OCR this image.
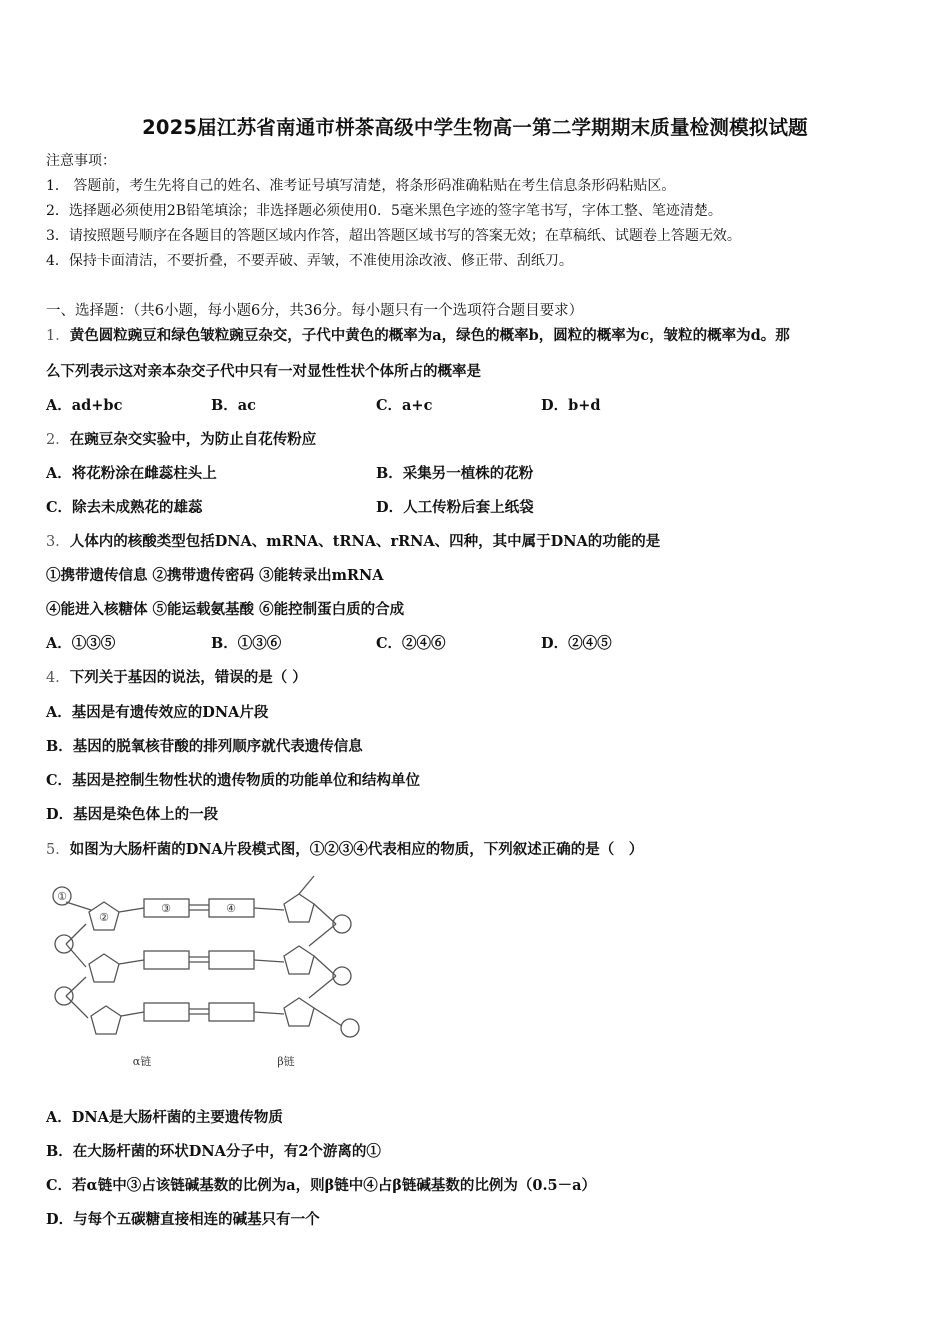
2025届江苏省南通市栟茶高级中学生物高一第二学期期末质量检测模拟试题
注意事项：
1． 答题前，考生先将自己的姓名、准考证号填写清楚，将条形码准确粘贴在考生信息条形码粘贴区。
2．选择题必须使用2B铅笔填涂；非选择题必须使用0．5毫米黑色字迹的签字笔书写，字体工整、笔迹清楚。
3．请按照题号顺序在各题目的答题区域内作答，超出答题区域书写的答案无效；在草稿纸、试题卷上答题无效。
4．保持卡面清洁，不要折叠，不要弄破、弄皱，不准使用涂改液、修正带、刮纸刀。
一、选择题：（共6小题，每小题6分，共36分。每小题只有一个选项符合题目要求）
1．黄色圆粒豌豆和绿色皱粒豌豆杂交，子代中黄色的概率为a，绿色的概率b，圆粒的概率为c，皱粒的概率为d。那
么下列表示这对亲本杂交子代中只有一对显性性状个体所占的概率是
A．ad+bc	B．ac	C．a+c	D．b+d
2．在豌豆杂交实验中，为防止自花传粉应
A．将花粉涂在雌蕊柱头上	B．采集另一植株的花粉
C．除去未成熟花的雄蕊	D．人工传粉后套上纸袋
3．人体内的核酸类型包括DNA、mRNA、tRNA、rRNA、四种，其中属于DNA的功能的是
①携带遗传信息 ②携带遗传密码 ③能转录出mRNA
④能进入核糖体 ⑤能运载氨基酸 ⑥能控制蛋白质的合成
A．①③⑤	B．①③⑥	C．②④⑥	D．②④⑤
4．下列关于基因的说法，错误的是（ ）
A．基因是有遗传效应的DNA片段
B．基因的脱氧核苷酸的排列顺序就代表遗传信息
C．基因是控制生物性状的遗传物质的功能单位和结构单位
D．基因是染色体上的一段
5．如图为大肠杆菌的DNA片段模式图，①②③④代表相应的物质，下列叙述正确的是（　）
①
②
③	④
α链	β链
A．DNA是大肠杆菌的主要遗传物质
B．在大肠杆菌的环状DNA分子中，有2个游离的①
C．若α链中③占该链碱基数的比例为a，则β链中④占β链碱基数的比例为（0.5－a）
D．与每个五碳糖直接相连的碱基只有一个
